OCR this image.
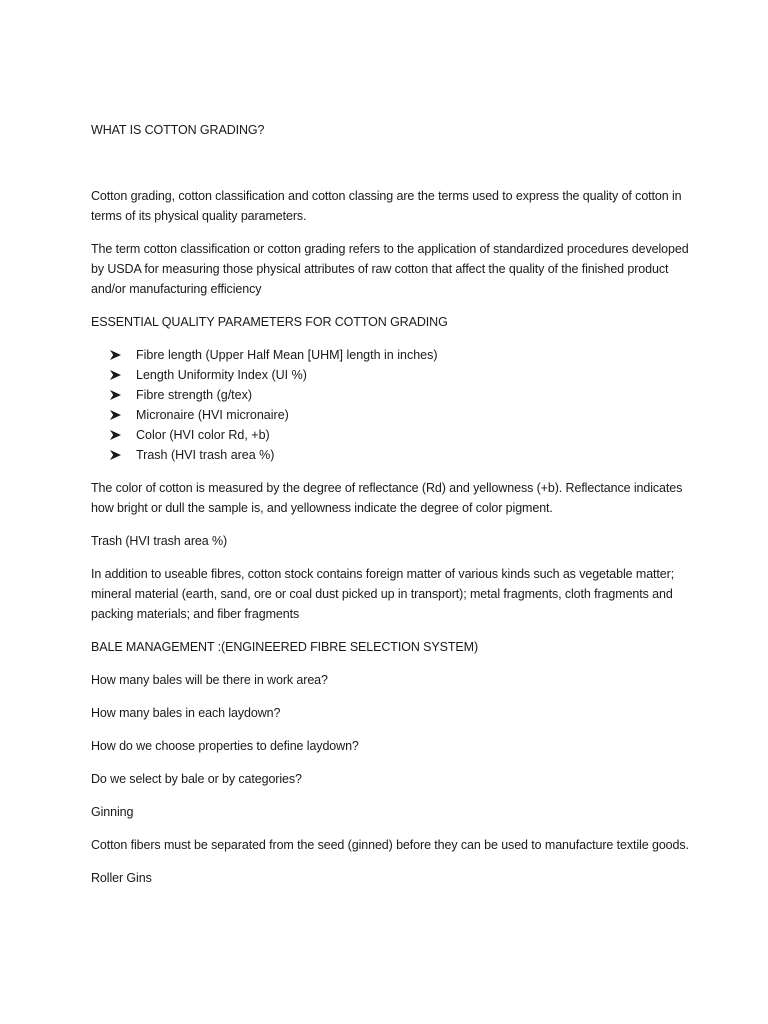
WHAT IS COTTON GRADING?

Cotton grading, cotton classification and cotton classing are the terms used to express the quality of cotton in terms of its physical quality parameters.

The term cotton classification or cotton grading refers to the application of standardized procedures developed by USDA for measuring those physical attributes of raw cotton that affect the quality of the finished product and/or manufacturing efficiency

ESSENTIAL QUALITY PARAMETERS FOR COTTON GRADING

Fibre length (Upper Half Mean [UHM] length in inches)
Length Uniformity Index (UI %)
Fibre strength (g/tex)
Micronaire (HVI micronaire)
Color (HVI color Rd, +b)
Trash (HVI trash area %)

The color of cotton is measured by the degree of reflectance (Rd) and yellowness (+b). Reflectance indicates how bright or dull the sample is, and yellowness indicate the degree of color pigment.

Trash (HVI trash area %)

In addition to useable fibres, cotton stock contains foreign matter of various kinds such as vegetable matter; mineral material (earth, sand, ore or coal dust picked up in transport); metal fragments, cloth fragments and packing materials; and fiber fragments

BALE MANAGEMENT :(ENGINEERED FIBRE SELECTION SYSTEM)

How many bales will be there in work area?

How many bales in each laydown?

How do we choose properties to define laydown?

Do we select by bale or by categories?

Ginning

Cotton fibers must be separated from the seed (ginned) before they can be used to manufacture textile goods.

Roller Gins
